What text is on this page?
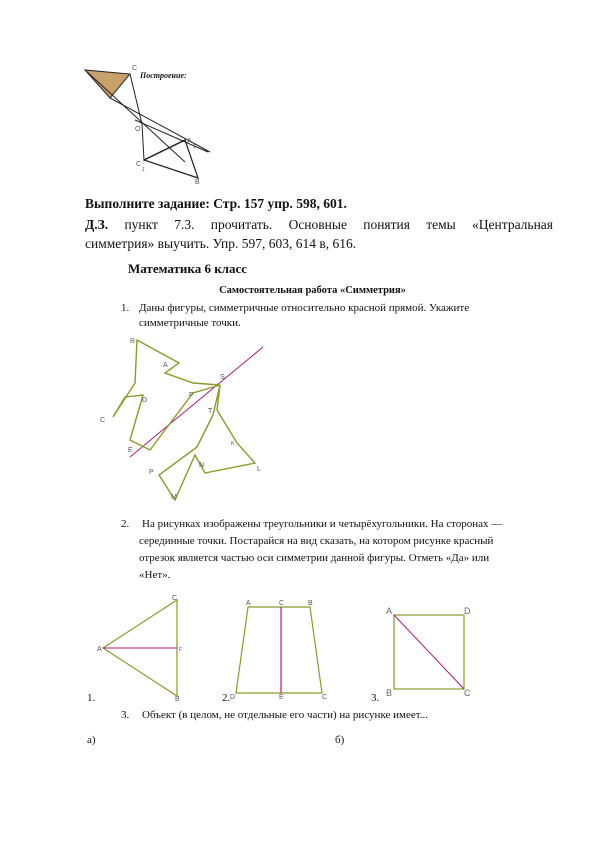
C
O
A
1
C
1
B
Построение:
Выполните задание: Стр. 157 упр. 598, 601.
Д.З. пункт 7.3. прочитать. Основные понятия темы «Центральная
симметрия» выучить. Упр. 597, 603, 614 в, 616.
Математика 6 класс
Самостоятельная работа «Симметрия»
1. Даны фигуры, симметричные относительно красной прямой. Укажите
симметричные точки.
R
A
S
F
D
T
C
K
E
N
L
P
M
2. На рисунках изображены треугольники и четырёхугольники. На сторонах —
серединные точки. Постарайся на вид сказать, на котором рисунке красный
отрезок является частью оси симметрии данной фигуры. Отметь «Да» или
«Нет».
C
A	F
B
A	C	B
D	E	C
A	D
B	C
1.	2.	3.
3. Объект (в целом, не отдельные его части) на рисунке имеет...
а)	б)
